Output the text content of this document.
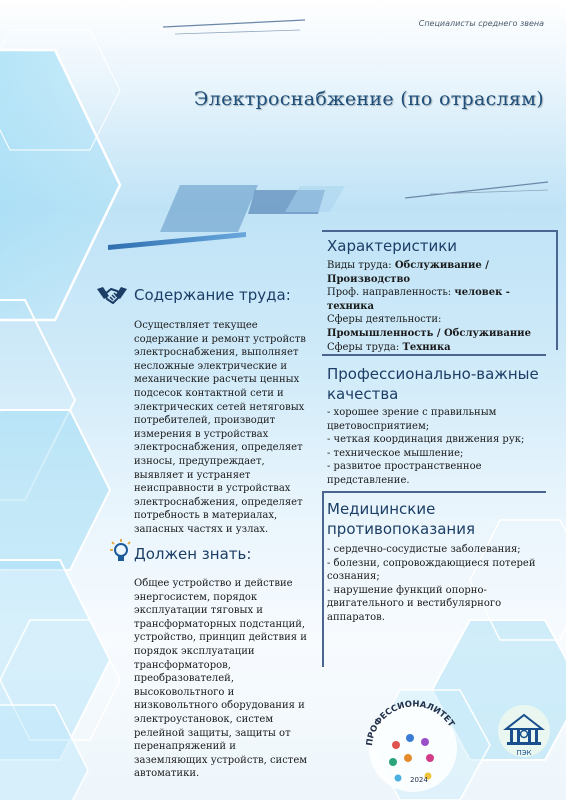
Специалисты среднего звена
Электроснабжение (по отраслям)
Содержание труда:
Осуществляет текущее содержание и ремонт устройств электроснабжения, выполняет несложные электрические и механические расчеты ценных подсесок контактной сети и электрических сетей нетяговых потребителей, производит измерения в устройствах электроснабжения, определяет износы, предупреждает, выявляет и устраняет неисправности в устройствах электроснабжения, определяет потребность в материалах, запасных частях и узлах.
Должен знать:
Общее устройство и действие энергосистем, порядок эксплуатации тяговых и трансформаторных подстанций, устройство, принцип действия и порядок эксплуатации трансформаторов, преобразователей, высоковольтного и низковольтного оборудования и электроустановок, систем релейной защиты, защиты от перенапряжений и заземляющих устройств, систем автоматики.
Характеристики
Виды труда: Обслуживание / Производство
Проф. направленность: человек - техника
Сферы деятельности: Промышленность / Обслуживание
Сферы труда: Техника
Профессионально-важные качества
- хорошее зрение с правильным цветовосприятием;
- четкая координация движения рук;
- техническое мышление;
- развитое пространственное представление.
Медицинские противопоказания
- сердечно-сосудистые заболевания;
- болезни, сопровождающиеся потерей сознания;
- нарушение функций опорно-двигательного и вестибулярного аппаратов.
ПРОФЕССИОНАЛИТЕТ
2024
ПЭК
